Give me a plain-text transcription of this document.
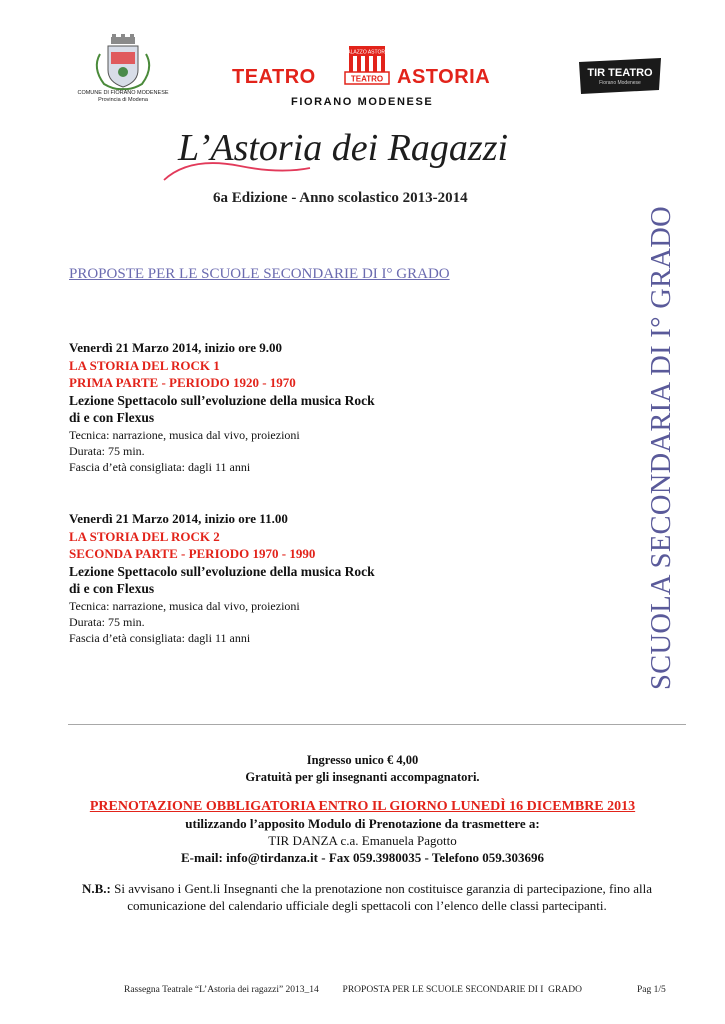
COMUNE DI FIORANO MODENESE
Provincia di Modena
TEATRO
PALAZZO ASTORIA
TEATRO ASTORIA
FIORANO MODENESE
TIR TEATRO
Fiorano Modenese
L’Astoria dei Ragazzi
6a Edizione - Anno scolastico 2013-2014
SCUOLA SECONDARIA DI I° GRADO
PROPOSTE PER LE SCUOLE SECONDARIE DI I° GRADO
Venerdì 21 Marzo 2014, inizio ore 9.00
LA STORIA DEL ROCK 1
PRIMA PARTE - PERIODO 1920 - 1970
Lezione Spettacolo sull’evoluzione della musica Rock
di e con Flexus
Tecnica: narrazione, musica dal vivo, proiezioni
Durata: 75 min.
Fascia d’età consigliata: dagli 11 anni
Venerdì 21 Marzo 2014, inizio ore 11.00
LA STORIA DEL ROCK 2
SECONDA PARTE - PERIODO 1970 - 1990
Lezione Spettacolo sull’evoluzione della musica Rock
di e con Flexus
Tecnica: narrazione, musica dal vivo, proiezioni
Durata: 75 min.
Fascia d’età consigliata: dagli 11 anni
Ingresso unico € 4,00
Gratuità per gli insegnanti accompagnatori.
PRENOTAZIONE OBBLIGATORIA ENTRO IL GIORNO LUNEDÌ 16 DICEMBRE 2013
utilizzando l’apposito Modulo di Prenotazione da trasmettere a:
TIR DANZA c.a. Emanuela Pagotto
E-mail: info@tirdanza.it - Fax 059.3980035 - Telefono 059.303696
N.B.: Si avvisano i Gent.li Insegnanti che la prenotazione non costituisce garanzia di partecipazione, fino alla comunicazione del calendario ufficiale degli spettacoli con l’elenco delle classi partecipanti.
Rassegna Teatrale “L’Astoria dei ragazzi” 2013_14          PROPOSTA PER LE SCUOLE SECONDARIE DI I  GRADO	Pag 1/5
